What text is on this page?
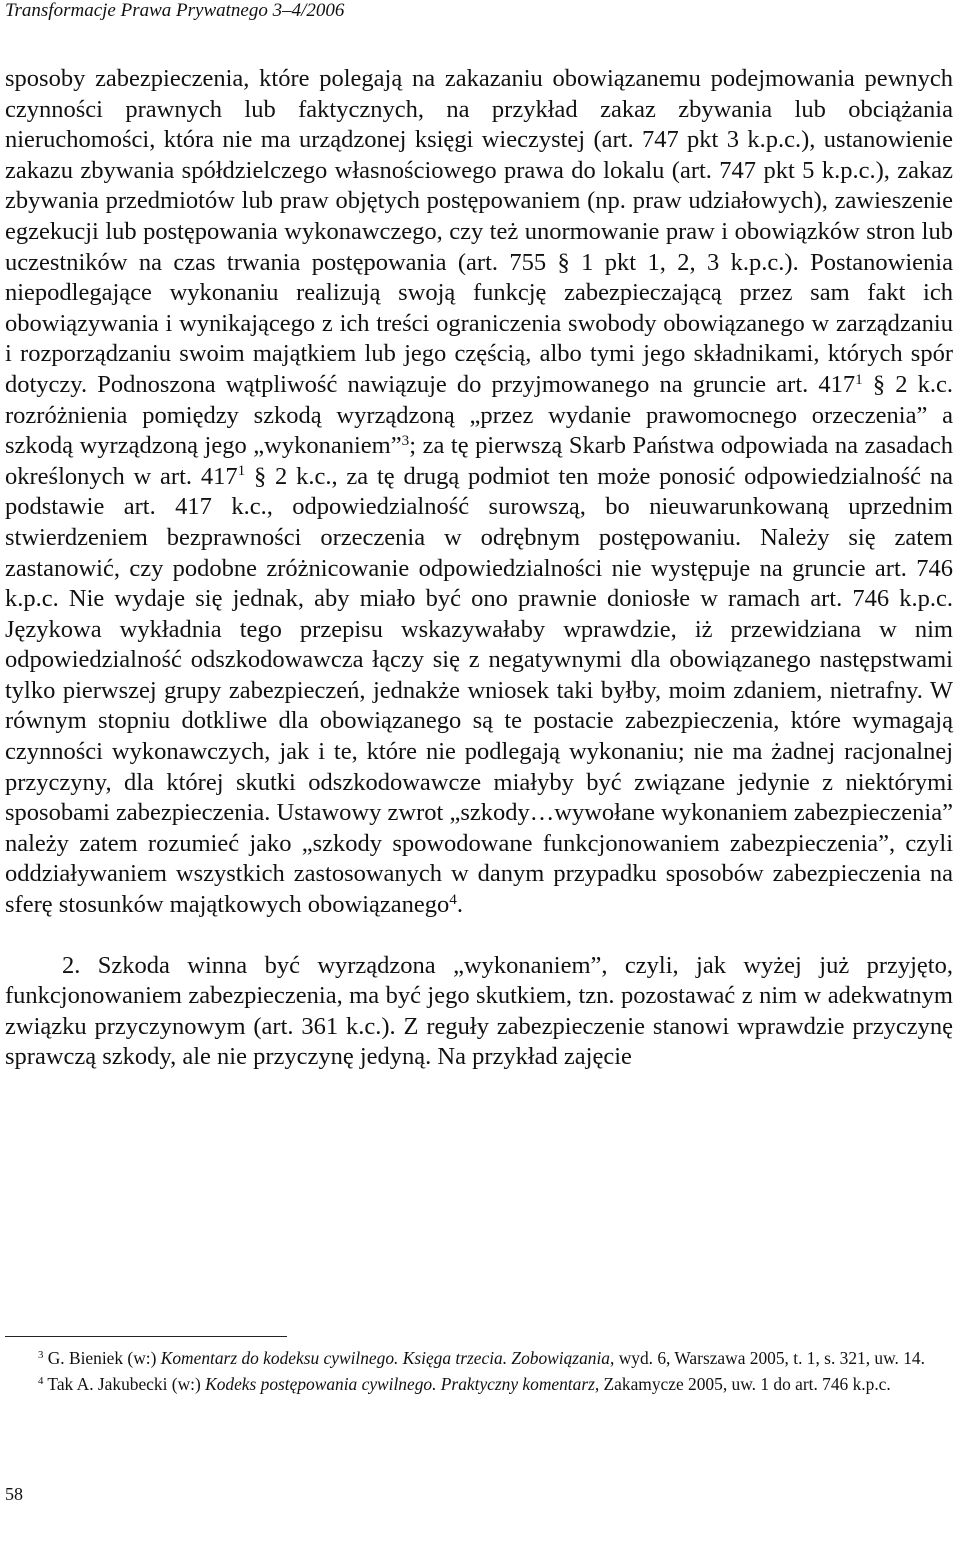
Transformacje Prawa Prywatnego 3–4/2006

sposoby zabezpieczenia, które polegają na zakazaniu obowiązanemu podejmowania pewnych czynności prawnych lub faktycznych, na przykład zakaz zbywania lub obciążania nieruchomości, która nie ma urządzonej księgi wieczystej (art. 747 pkt 3 k.p.c.), ustanowienie zakazu zbywania spółdzielczego własnościowego prawa do lokalu (art. 747 pkt 5 k.p.c.), zakaz zbywania przedmiotów lub praw objętych postępowaniem (np. praw udziałowych), zawieszenie egzekucji lub postępowania wykonawczego, czy też unormowanie praw i obowiązków stron lub uczestników na czas trwania postępowania (art. 755 § 1 pkt 1, 2, 3 k.p.c.). Postanowienia niepodlegające wykonaniu realizują swoją funkcję zabezpieczającą przez sam fakt ich obowiązywania i wynikającego z ich treści ograniczenia swobody obowiązanego w zarządzaniu i rozporządzaniu swoim majątkiem lub jego częścią, albo tymi jego składnikami, których spór dotyczy. Podnoszona wątpliwość nawiązuje do przyjmowanego na gruncie art. $417^1$ § 2 k.c. rozróżnienia pomiędzy szkodą wyrządzoną „przez wydanie prawomocnego orzeczenia” a szkodą wyrządzoną jego „wykonaniem”$^3$; za tę pierwszą Skarb Państwa odpowiada na zasadach określonych w art. $417^1$ § 2 k.c., za tę drugą podmiot ten może ponosić odpowiedzialność na podstawie art. 417 k.c., odpowiedzialność surowszą, bo nieuwarunkowaną uprzednim stwierdzeniem bezprawności orzeczenia w odrębnym postępowaniu. Należy się zatem zastanowić, czy podobne zróżnicowanie odpowiedzialności nie występuje na gruncie art. 746 k.p.c. Nie wydaje się jednak, aby miało być ono prawnie doniosłe w ramach art. 746 k.p.c. Językowa wykładnia tego przepisu wskazywałaby wprawdzie, iż przewidziana w nim odpowiedzialność odszkodowawcza łączy się z negatywnymi dla obowiązanego następstwami tylko pierwszej grupy zabezpieczeń, jednakże wniosek taki byłby, moim zdaniem, nietrafny. W równym stopniu dotkliwe dla obowiązanego są te postacie zabezpieczenia, które wymagają czynności wykonawczych, jak i te, które nie podlegają wykonaniu; nie ma żadnej racjonalnej przyczyny, dla której skutki odszkodowawcze miałyby być związane jedynie z niektórymi sposobami zabezpieczenia. Ustawowy zwrot „szkody…wywołane wykonaniem zabezpieczenia” należy zatem rozumieć jako „szkody spowodowane funkcjonowaniem zabezpieczenia”, czyli oddziaływaniem wszystkich zastosowanych w danym przypadku sposobów zabezpieczenia na sferę stosunków majątkowych obowiązanego$^4$.

2. Szkoda winna być wyrządzona „wykonaniem”, czyli, jak wyżej już przyjęto, funkcjonowaniem zabezpieczenia, ma być jego skutkiem, tzn. pozostawać z nim w adekwatnym związku przyczynowym (art. 361 k.c.). Z reguły zabezpieczenie stanowi wprawdzie przyczynę sprawczą szkody, ale nie przyczynę jedyną. Na przykład zajęcie

$^3$ G. Bieniek (w:) Komentarz do kodeksu cywilnego. Księga trzecia. Zobowiązania, wyd. 6, Warszawa 2005, t. 1, s. 321, uw. 14.

$^4$ Tak A. Jakubecki (w:) Kodeks postępowania cywilnego. Praktyczny komentarz, Zakamycze 2005, uw. 1 do art. 746 k.p.c.

58
